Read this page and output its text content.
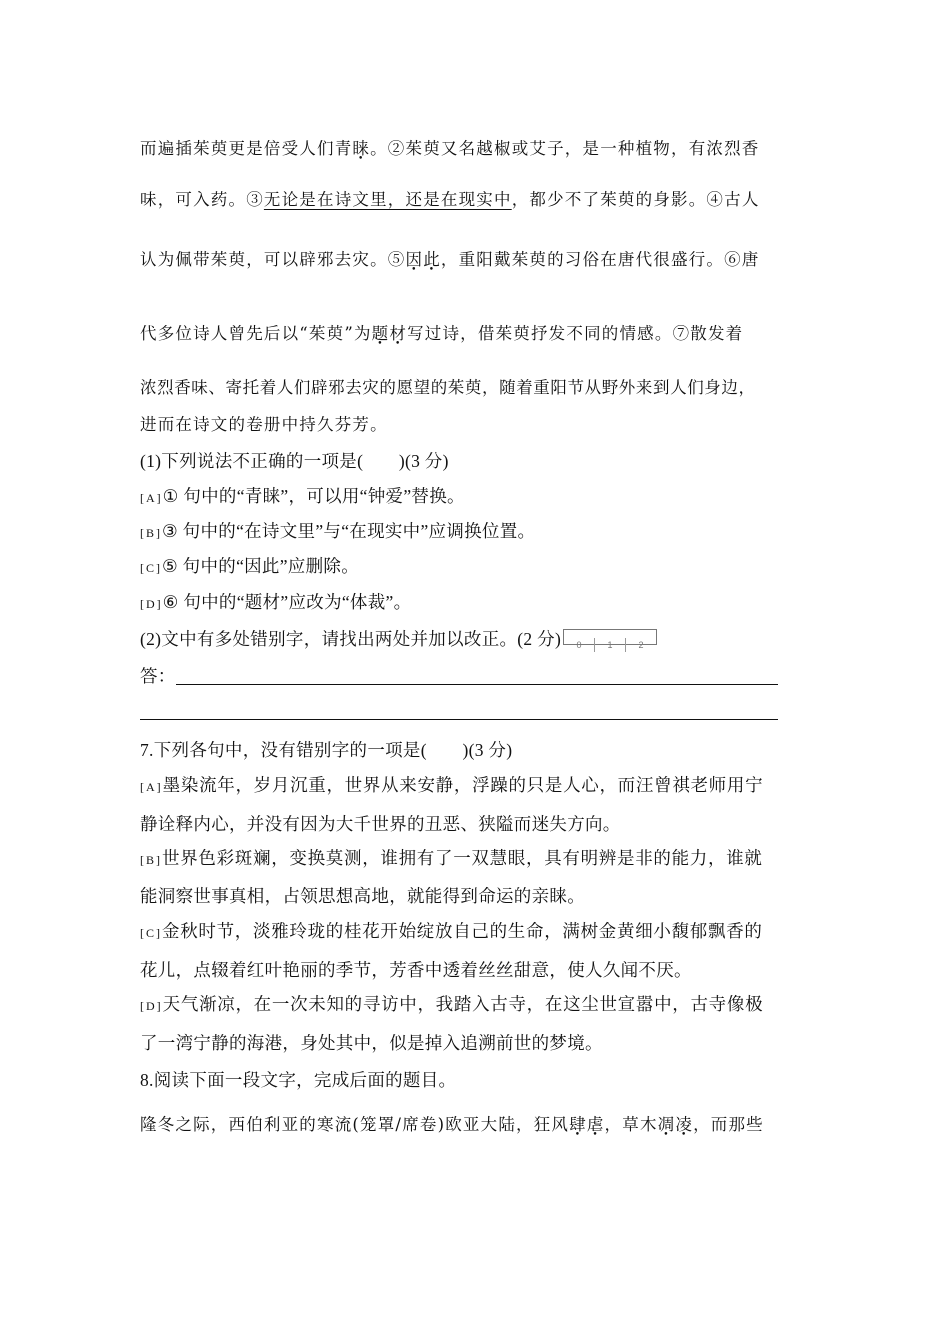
而遍插茱萸更是倍受人们青睐。②茱萸又名越椒或艾子，是一种植物，有浓烈香
味，可入药。③无论是在诗文里，还是在现实中，都少不了茱萸的身影。④古人
认为佩带茱萸，可以辟邪去灾。⑤因此，重阳戴茱萸的习俗在唐代很盛行。⑥唐
代多位诗人曾先后以“茱萸”为题材写过诗，借茱萸抒发不同的情感。⑦散发着
浓烈香味、寄托着人们辟邪去灾的愿望的茱萸，随着重阳节从野外来到人们身边，
进而在诗文的卷册中持久芬芳。
(1)下列说法不正确的一项是(　　)(3 分)
[A]① 句中的“青睐”，可以用“钟爱”替换。
[B]③ 句中的“在诗文里”与“在现实中”应调换位置。
[C]⑤ 句中的“因此”应删除。
[D]⑥ 句中的“题材”应改为“体裁”。
(2)文中有多处错别字，请找出两处并加以改正。(2 分) 0	1	2
答：
7.下列各句中，没有错别字的一项是(　　)(3 分)
[A]墨染流年，岁月沉重，世界从来安静，浮躁的只是人心，而汪曾祺老师用宁
静诠释内心，并没有因为大千世界的丑恶、狭隘而迷失方向。
[B]世界色彩斑斓，变换莫测，谁拥有了一双慧眼，具有明辨是非的能力，谁就
能洞察世事真相，占领思想高地，就能得到命运的亲睐。
[C]金秋时节，淡雅玲珑的桂花开始绽放自己的生命，满树金黄细小馥郁飘香的
花儿，点辍着红叶艳丽的季节，芳香中透着丝丝甜意，使人久闻不厌。
[D]天气渐凉，在一次未知的寻访中，我踏入古寺，在这尘世宣嚣中，古寺像极
了一湾宁静的海港，身处其中，似是掉入追溯前世的梦境。
8.阅读下面一段文字，完成后面的题目。
隆冬之际，西伯利亚的寒流(笼罩/席卷)欧亚大陆，狂风肆虐，草木凋凌，而那些
